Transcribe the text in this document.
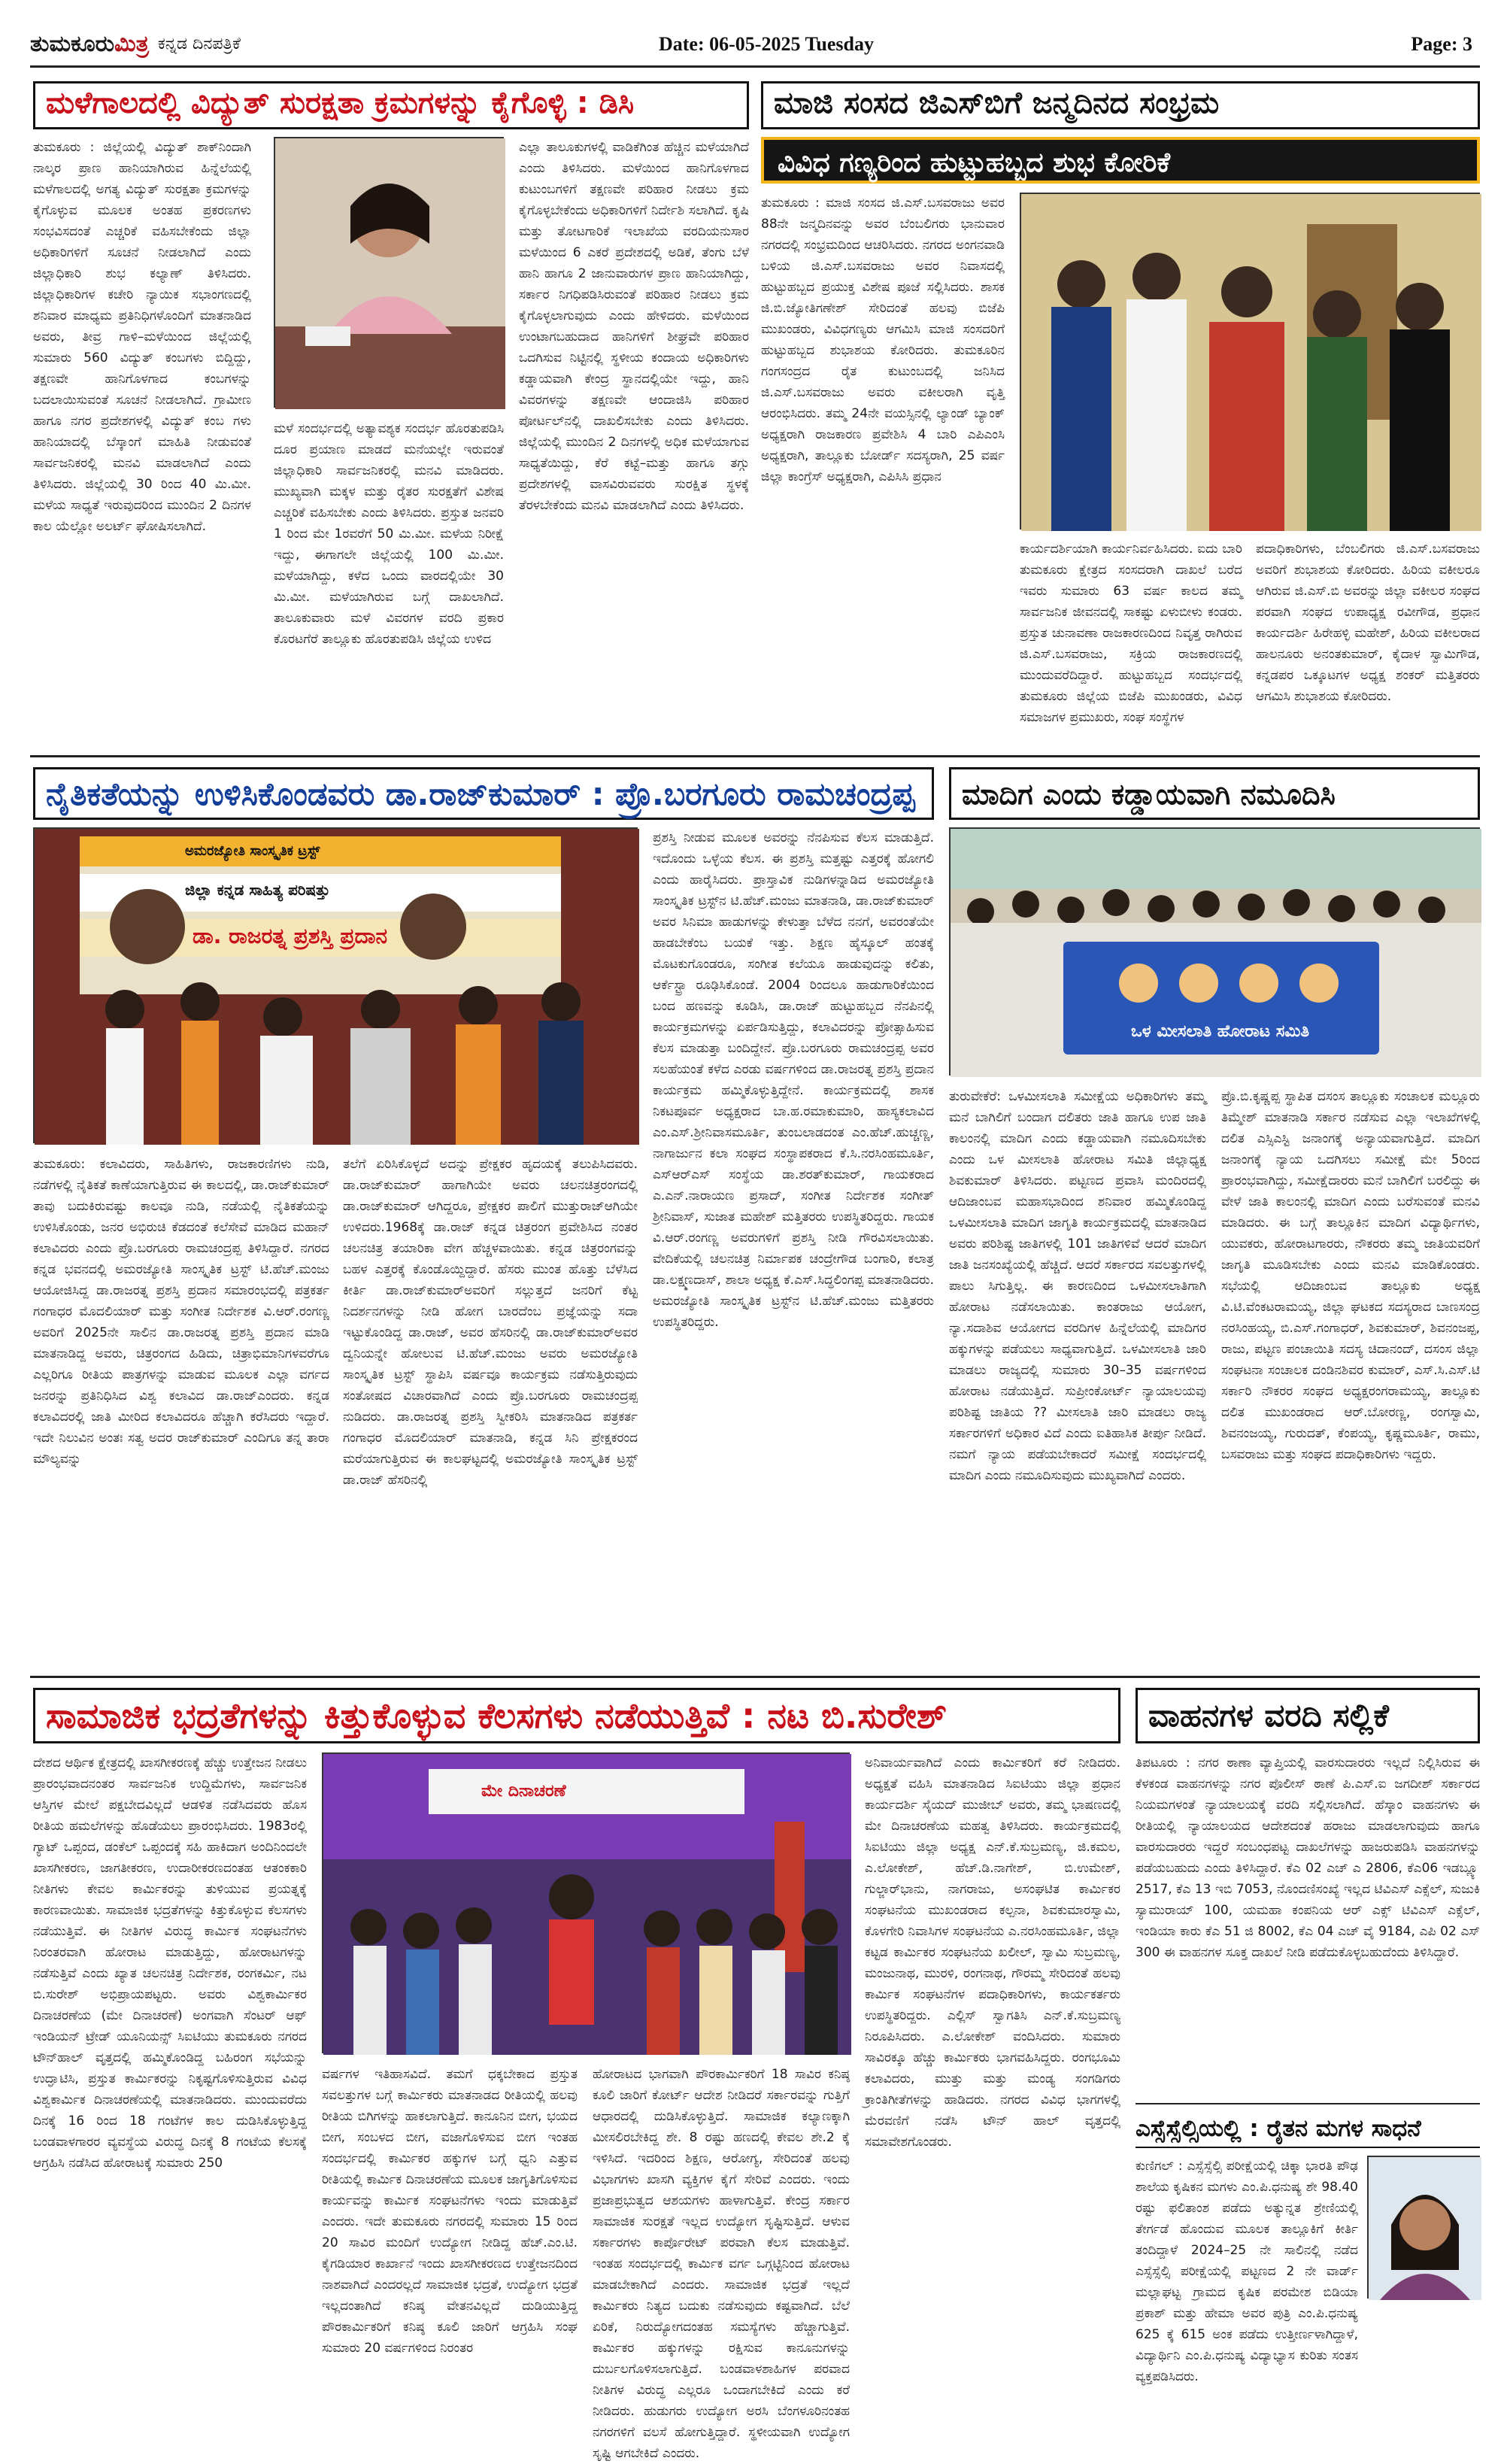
ತುಮಕೂರುಮಿತ್ರ ಕನ್ನಡ ದಿನಪತ್ರಿಕೆ	Date: 06-05-2025 Tuesday	Page: 3
ಮಳೆಗಾಲದಲ್ಲಿ ವಿದ್ಯುತ್ ಸುರಕ್ಷತಾ ಕ್ರಮಗಳನ್ನು ಕೈಗೊಳ್ಳಿ : ಡಿಸಿ
ತುಮಕೂರು : ಜಿಲ್ಲೆಯಲ್ಲಿ ವಿದ್ಯುತ್ ಶಾಕ್‌ನಿಂದಾಗಿ ನಾಲ್ಕರ ಪ್ರಾಣ ಹಾನಿಯಾಗಿರುವ ಹಿನ್ನೆಲೆಯಲ್ಲಿ ಮಳೆಗಾಲದಲ್ಲಿ ಅಗತ್ಯ ವಿದ್ಯುತ್ ಸುರಕ್ಷತಾ ಕ್ರಮಗಳನ್ನು ಕೈಗೊಳ್ಳುವ ಮೂಲಕ ಅಂತಹ ಪ್ರಕರಣಗಳು ಸಂಭವಿಸದಂತೆ ಎಚ್ಚರಿಕೆ ವಹಿಸಬೇಕೆಂದು ಜಿಲ್ಲಾ ಅಧಿಕಾರಿಗಳಿಗೆ ಸೂಚನೆ ನೀಡಲಾಗಿದೆ ಎಂದು ಜಿಲ್ಲಾಧಿಕಾರಿ ಶುಭ ಕಲ್ಯಾಣ್ ತಿಳಿಸಿದರು. ಜಿಲ್ಲಾಧಿಕಾರಿಗಳ ಕಚೇರಿ ನ್ಯಾಯಿಕ ಸಭಾಂಗಣದಲ್ಲಿ ಶನಿವಾರ ಮಾಧ್ಯಮ ಪ್ರತಿನಿಧಿಗಳೊಂದಿಗೆ ಮಾತನಾಡಿದ ಅವರು, ತೀವ್ರ ಗಾಳಿ–ಮಳೆಯಿಂದ ಜಿಲ್ಲೆಯಲ್ಲಿ ಸುಮಾರು 560 ವಿದ್ಯುತ್ ಕಂಬಗಳು ಬಿದ್ದಿದ್ದು, ತಕ್ಷಣವೇ ಹಾನಿಗೊಳಗಾದ ಕಂಬಗಳನ್ನು ಬದಲಾಯಿಸುವಂತೆ ಸೂಚನೆ ನೀಡಲಾಗಿದೆ. ಗ್ರಾಮೀಣ ಹಾಗೂ ನಗರ ಪ್ರದೇಶಗಳಲ್ಲಿ ವಿದ್ಯುತ್ ಕಂಬ ಗಳು ಹಾನಿಯಾದಲ್ಲಿ ಬೆಸ್ಕಾಂಗೆ ಮಾಹಿತಿ ನೀಡುವಂತೆ ಸಾರ್ವಜನಿಕರಲ್ಲಿ ಮನವಿ ಮಾಡಲಾಗಿದೆ ಎಂದು ತಿಳಿಸಿದರು. ಜಿಲ್ಲೆಯಲ್ಲಿ 30 ರಿಂದ 40 ಮಿ.ಮೀ. ಮಳೆಯ ಸಾಧ್ಯತೆ ಇರುವುದರಿಂದ ಮುಂದಿನ 2 ದಿನಗಳ ಕಾಲ ಯೆಲ್ಲೋ ಅಲರ್ಟ್ ಘೋಷಿಸಲಾಗಿದೆ.
ಮಳೆ ಸಂದರ್ಭದಲ್ಲಿ ಅತ್ಯಾವಶ್ಯಕ ಸಂದರ್ಭ ಹೊರತುಪಡಿಸಿ ದೂರ ಪ್ರಯಾಣ ಮಾಡದೆ ಮನೆಯಲ್ಲೇ ಇರುವಂತೆ ಜಿಲ್ಲಾಧಿಕಾರಿ ಸಾರ್ವಜನಿಕರಲ್ಲಿ ಮನವಿ ಮಾಡಿದರು. ಮುಖ್ಯವಾಗಿ ಮಕ್ಕಳ ಮತ್ತು ರೈತರ ಸುರಕ್ಷತೆಗೆ ವಿಶೇಷ ಎಚ್ಚರಿಕೆ ವಹಿಸಬೇಕು ಎಂದು ತಿಳಿಸಿದರು. ಪ್ರಸ್ತುತ ಜನವರಿ 1 ರಿಂದ ಮೇ 1ರವರೆಗೆ 50 ಮಿ.ಮೀ. ಮಳೆಯ ನಿರೀಕ್ಷೆ ಇದ್ದು, ಈಗಾಗಲೇ ಜಿಲ್ಲೆಯಲ್ಲಿ 100 ಮಿ.ಮೀ. ಮಳೆಯಾಗಿದ್ದು, ಕಳೆದ ಒಂದು ವಾರದಲ್ಲಿಯೇ 30 ಮಿ.ಮೀ. ಮಳೆಯಾಗಿರುವ ಬಗ್ಗೆ ದಾಖಲಾಗಿದೆ. ತಾಲೂಕುವಾರು ಮಳೆ ವಿವರಗಳ ವರದಿ ಪ್ರಕಾರ ಕೊರಟಗೆರೆ ತಾಲ್ಲೂಕು ಹೊರತುಪಡಿಸಿ ಜಿಲ್ಲೆಯ ಉಳಿದ
ಎಲ್ಲಾ ತಾಲೂಕುಗಳಲ್ಲಿ ವಾಡಿಕೆಗಿಂತ ಹೆಚ್ಚಿನ ಮಳೆಯಾಗಿದೆ ಎಂದು ತಿಳಿಸಿದರು. ಮಳೆಯಿಂದ ಹಾನಿಗೊಳಗಾದ ಕುಟುಂಬಗಳಿಗೆ ತಕ್ಷಣವೇ ಪರಿಹಾರ ನೀಡಲು ಕ್ರಮ ಕೈಗೊಳ್ಳಬೇಕೆಂದು ಅಧಿಕಾರಿಗಳಿಗೆ ನಿರ್ದೇಶಿ ಸಲಾಗಿದೆ. ಕೃಷಿ ಮತ್ತು ತೋಟಗಾರಿಕೆ ಇಲಾಖೆಯ ವರದಿಯನುಸಾರ ಮಳೆಯಿಂದ 6 ಎಕರೆ ಪ್ರದೇಶದಲ್ಲಿ ಅಡಿಕೆ, ತೆಂಗು ಬೆಳೆ ಹಾನಿ ಹಾಗೂ 2 ಜಾನುವಾರುಗಳ ಪ್ರಾಣ ಹಾನಿಯಾಗಿದ್ದು, ಸರ್ಕಾರ ನಿಗಧಿಪಡಿಸಿರುವಂತೆ ಪರಿಹಾರ ನೀಡಲು ಕ್ರಮ ಕೈಗೊಳ್ಳಲಾಗುವುದು ಎಂದು ಹೇಳಿದರು. ಮಳೆಯಿಂದ ಉಂಟಾಗಬಹುದಾದ ಹಾನಿಗಳಿಗೆ ಶೀಘ್ರವೇ ಪರಿಹಾರ ಒದಗಿಸುವ ನಿಟ್ಟಿನಲ್ಲಿ ಸ್ಥಳೀಯ ಕಂದಾಯ ಅಧಿಕಾರಿಗಳು ಕಡ್ಡಾಯವಾಗಿ ಕೇಂದ್ರ ಸ್ಥಾನದಲ್ಲಿಯೇ ಇದ್ದು, ಹಾನಿ ವಿವರಗಳನ್ನು ತಕ್ಷಣವೇ ಆಂದಾಜಿಸಿ ಪರಿಹಾರ ಪೋರ್ಟಲ್‌ನಲ್ಲಿ ದಾಖಲಿಸಬೇಕು ಎಂದು ತಿಳಿಸಿದರು. ಜಿಲ್ಲೆಯಲ್ಲಿ ಮುಂದಿನ 2 ದಿನಗಳಲ್ಲಿ ಅಧಿಕ ಮಳೆಯಾಗುವ ಸಾಧ್ಯತೆಯಿದ್ದು, ಕೆರೆ ಕಟ್ಟೆ–ಮತ್ತು ಹಾಗೂ ತಗ್ಗು ಪ್ರದೇಶಗಳಲ್ಲಿ ವಾಸವಿರುವವರು ಸುರಕ್ಷಿತ ಸ್ಥಳಕ್ಕೆ ತೆರಳಬೇಕೆಂದು ಮನವಿ ಮಾಡಲಾಗಿದೆ ಎಂದು ತಿಳಿಸಿದರು.
ಮಾಜಿ ಸಂಸದ ಜಿಎಸ್‌ಬಿಗೆ ಜನ್ಮದಿನದ ಸಂಭ್ರಮ
ವಿವಿಧ ಗಣ್ಯರಿಂದ ಹುಟ್ಟುಹಬ್ಬದ ಶುಭ ಕೋರಿಕೆ
ತುಮಕೂರು : ಮಾಜಿ ಸಂಸದ ಜಿ.ಎಸ್.ಬಸವರಾಜು ಅವರ 88ನೇ ಜನ್ಮದಿನವನ್ನು ಅವರ ಬೆಂಬಲಿಗರು ಭಾನುವಾರ ನಗರದಲ್ಲಿ ಸಂಭ್ರಮದಿಂದ ಆಚರಿಸಿದರು. ನಗರದ ಅಂಗನವಾಡಿ ಬಳಿಯ ಜಿ.ಎಸ್.ಬಸವರಾಜು ಅವರ ನಿವಾಸದಲ್ಲಿ ಹುಟ್ಟುಹಬ್ಬದ ಪ್ರಯುಕ್ತ ವಿಶೇಷ ಪೂಜೆ ಸಲ್ಲಿಸಿದರು. ಶಾಸಕ ಜಿ.ಬಿ.ಜ್ಯೋತಿಗಣೇಶ್ ಸೇರಿದಂತೆ ಹಲವು ಬಿಜೆಪಿ ಮುಖಂಡರು, ವಿವಿಧಗಣ್ಯರು ಆಗಮಿಸಿ ಮಾಜಿ ಸಂಸದರಿಗೆ ಹುಟ್ಟುಹಬ್ಬದ ಶುಭಾಶಯ ಕೋರಿದರು. ತುಮಕೂರಿನ ಗಂಗಸಂದ್ರದ ರೈತ ಕುಟುಂಬದಲ್ಲಿ ಜನಿಸಿದ ಜಿ.ಎಸ್.ಬಸವರಾಜು ಅವರು ವಕೀಲರಾಗಿ ವೃತ್ತಿ ಆರಂಭಿಸಿದರು. ತಮ್ಮ 24ನೇ ವಯಸ್ಸಿನಲ್ಲಿ ಲ್ಯಾಂಡ್ ಬ್ಯಾಂಕ್ ಅಧ್ಯಕ್ಷರಾಗಿ ರಾಜಕಾರಣ ಪ್ರವೇಶಿಸಿ 4 ಬಾರಿ ಎಪಿಎಂಸಿ ಅಧ್ಯಕ್ಷರಾಗಿ, ತಾಲ್ಲೂಕು ಬೋರ್ಡ್ ಸದಸ್ಯರಾಗಿ, 25 ವರ್ಷ ಜಿಲ್ಲಾ ಕಾಂಗ್ರೆಸ್ ಅಧ್ಯಕ್ಷರಾಗಿ, ಎಪಿಸಿಸಿ ಪ್ರಧಾನ
ಕಾರ್ಯದರ್ಶಿಯಾಗಿ ಕಾರ್ಯನಿರ್ವಹಿಸಿದರು. ಐದು ಬಾರಿ ತುಮಕೂರು ಕ್ಷೇತ್ರದ ಸಂಸದರಾಗಿ ದಾಖಲೆ ಬರೆದ ಇವರು ಸುಮಾರು 63 ವರ್ಷ ಕಾಲದ ತಮ್ಮ ಸಾರ್ವಜನಿಕ ಜೀವನದಲ್ಲಿ ಸಾಕಷ್ಟು ಏಳುಬೀಳು ಕಂಡರು. ಪ್ರಸ್ತುತ ಚುನಾವಣಾ ರಾಜಕಾರಣದಿಂದ ನಿವೃತ್ತ ರಾಗಿರುವ ಜಿ.ಎಸ್.ಬಸವರಾಜು, ಸಕ್ರಿಯ ರಾಜಕಾರಣದಲ್ಲಿ ಮುಂದುವರೆದಿದ್ದಾರೆ. ಹುಟ್ಟುಹಬ್ಬದ ಸಂದರ್ಭದಲ್ಲಿ ತುಮಕೂರು ಜಿಲ್ಲೆಯ ಬಿಜೆಪಿ ಮುಖಂಡರು, ವಿವಿಧ ಸಮಾಜಗಳ ಪ್ರಮುಖರು, ಸಂಘ ಸಂಸ್ಥೆಗಳ
ಪದಾಧಿಕಾರಿಗಳು, ಬೆಂಬಲಿಗರು ಜಿ.ಎಸ್.ಬಸವರಾಜು ಅವರಿಗೆ ಶುಭಾಶಯ ಕೋರಿದರು. ಹಿರಿಯ ವಕೀಲರೂ ಆಗಿರುವ ಜಿ.ಎಸ್.ಬಿ ಅವರನ್ನು ಜಿಲ್ಲಾ ವಕೀಲರ ಸಂಘದ ಪರವಾಗಿ ಸಂಘದ ಉಪಾಧ್ಯಕ್ಷ ರವೀಗೌಡ, ಪ್ರಧಾನ ಕಾರ್ಯದರ್ಶಿ ಹಿರೇಹಳ್ಳಿ ಮಹೇಶ್, ಹಿರಿಯ ವಕೀಲರಾದ ಹಾಲನೂರು ಅನಂತಕುಮಾರ್, ಕೈದಾಳ ಸ್ವಾಮಿಗೌಡ, ಕನ್ನಡಪರ ಒಕ್ಕೂಟಗಳ ಅಧ್ಯಕ್ಷ ಶಂಕರ್ ಮತ್ತಿತರರು ಆಗಮಿಸಿ ಶುಭಾಶಯ ಕೋರಿದರು.
ನೈತಿಕತೆಯನ್ನು ಉಳಿಸಿಕೊಂಡವರು ಡಾ.ರಾಜ್‌ಕುಮಾರ್ : ಪ್ರೊ.ಬರಗೂರು ರಾಮಚಂದ್ರಪ್ಪ
ಅಮರಜ್ಯೋತಿ ಸಾಂಸ್ಕೃತಿಕ ಟ್ರಸ್ಟ್
ಜಿಲ್ಲಾ ಕನ್ನಡ ಸಾಹಿತ್ಯ ಪರಿಷತ್ತು
ಡಾ. ರಾಜರತ್ನ ಪ್ರಶಸ್ತಿ ಪ್ರದಾನ
ಪ್ರಶಸ್ತಿ ನೀಡುವ ಮೂಲಕ ಅವರನ್ನು ನೆನಪಿಸುವ ಕೆಲಸ ಮಾಡುತ್ತಿದೆ. ಇದೊಂದು ಒಳ್ಳೆಯ ಕೆಲಸ. ಈ ಪ್ರಶಸ್ತಿ ಮತ್ತಷ್ಟು ಎತ್ತರಕ್ಕೆ ಹೋಗಲಿ ಎಂದು ಹಾರೈಸಿದರು. ಪ್ರಾಸ್ತಾವಿಕ ನುಡಿಗಳನ್ನಾಡಿದ ಅಮರಜ್ಯೋತಿ ಸಾಂಸ್ಕೃತಿಕ ಟ್ರಸ್ಟ್‌ನ ಟಿ.ಹೆಚ್.ಮಂಜು ಮಾತನಾಡಿ, ಡಾ.ರಾಜ್‌ಕುಮಾರ್ ಅವರ ಸಿನಿಮಾ ಹಾಡುಗಳನ್ನು ಕೇಳುತ್ತಾ ಬೆಳೆದ ನನಗೆ, ಅವರಂತೆಯೇ ಹಾಡಬೇಕೆಂಬ ಬಯಕೆ ಇತ್ತು. ಶಿಕ್ಷಣ ಹೈಸ್ಕೂಲ್ ಹಂತಕ್ಕೆ ಮೊಟಕುಗೊಂಡರೂ, ಸಂಗೀತ ಕಲೆಯೂ ಹಾಡುವುದನ್ನು ಕಲಿತು, ಆರ್ಕೆಸ್ಟ್ರಾ ರೂಢಿಸಿಕೊಂಡೆ. 2004 ರಿಂದಲೂ ಹಾಡುಗಾರಿಕೆಯಿಂದ ಬಂದ ಹಣವನ್ನು ಕೂಡಿಸಿ, ಡಾ.ರಾಜ್ ಹುಟ್ಟುಹಬ್ಬದ ನೆನಪಿನಲ್ಲಿ ಕಾರ್ಯಕ್ರಮಗಳನ್ನು ಏರ್ಪಡಿಸುತ್ತಿದ್ದು, ಕಲಾವಿದರನ್ನು ಪ್ರೋತ್ಸಾಹಿಸುವ ಕೆಲಸ ಮಾಡುತ್ತಾ ಬಂದಿದ್ದೇನೆ. ಪ್ರೊ.ಬರಗೂರು ರಾಮಚಂದ್ರಪ್ಪ ಅವರ ಸಲಹೆಯಂತೆ ಕಳೆದ ಎರಡು ವರ್ಷಗಳಿಂದ ಡಾ.ರಾಜರತ್ನ ಪ್ರಶಸ್ತಿ ಪ್ರದಾನ ಕಾರ್ಯಕ್ರಮ ಹಮ್ಮಿಕೊಳ್ಳುತ್ತಿದ್ದೇನೆ. ಕಾರ್ಯಕ್ರಮದಲ್ಲಿ ಶಾಸಕ ನಿಕಟಪೂರ್ವ ಅಧ್ಯಕ್ಷರಾದ ಬಾ.ಹ.ರಮಾಕುಮಾರಿ, ಹಾಸ್ಯಕಲಾವಿದ ಎಂ.ಎಸ್.ಶ್ರೀನಿವಾಸಮೂರ್ತಿ, ತುಂಬಲಾಡದಂತ ಎಂ.ಹೆಚ್.ಹುಚ್ಚಣ್ಣ, ನಾಗಾರ್ಜುನ ಕಲಾ ಸಂಘದ ಸಂಸ್ಥಾಪಕರಾದ ಕೆ.ಸಿ.ನರಸಿಂಹಮೂರ್ತಿ, ಎಸ್‌ಆರ್‌ಎಸ್ ಸಂಸ್ಥೆಯ ಡಾ.ಶರತ್‌ಕುಮಾರ್, ಗಾಯಕರಾದ ಎ.ಎನ್.ನಾರಾಯಣ ಪ್ರಸಾದ್, ಸಂಗೀತ ನಿರ್ದೇಶಕ ಸಂಗೀತ್ ಶ್ರೀನಿವಾಸ್, ಸುಜಾತ ಮಹೇಶ್ ಮತ್ತಿತರರು ಉಪಸ್ಥಿತರಿದ್ದರು. ಗಾಯಕ ವಿ.ಆರ್.ರಂಗಣ್ಣ ಅವರುಗಳಿಗೆ ಪ್ರಶಸ್ತಿ ನೀಡಿ ಗೌರವಿಸಲಾಯಿತು. ವೇದಿಕೆಯಲ್ಲಿ ಚಲನಚಿತ್ರ ನಿರ್ಮಾಪಕ ಚಂದ್ರೇಗೌಡ ಬಂಗಾರಿ, ಕಲಾತ್ರ ಡಾ.ಲಕ್ಷ್ಮಣದಾಸ್, ಶಾಲಾ ಅಧ್ಯಕ್ಷ ಕೆ.ಎಸ್.ಸಿದ್ಧಲಿಂಗಪ್ಪ ಮಾತನಾಡಿದರು. ಅಮರಜ್ಯೋತಿ ಸಾಂಸ್ಕೃತಿಕ ಟ್ರಸ್ಟ್‌ನ ಟಿ.ಹೆಚ್.ಮಂಜು ಮತ್ತಿತರರು ಉಪಸ್ಥಿತರಿದ್ದರು.
ತುಮಕೂರು: ಕಲಾವಿದರು, ಸಾಹಿತಿಗಳು, ರಾಜಕಾರಣಿಗಳು ನುಡಿ, ನಡೆಗಳಲ್ಲಿ ನೈತಿಕತೆ ಕಾಣೆಯಾಗುತ್ತಿರುವ ಈ ಕಾಲದಲ್ಲಿ, ಡಾ.ರಾಜ್‌ಕುಮಾರ್ ತಾವು ಬದುಕಿರುವಷ್ಟು ಕಾಲವೂ ನುಡಿ, ನಡೆಯಲ್ಲಿ ನೈತಿಕತೆಯನ್ನು ಉಳಿಸಿಕೊಂಡು, ಜನರ ಅಭಿರುಚಿ ಕೆಡದಂತೆ ಕಲೆಸೇವೆ ಮಾಡಿದ ಮಹಾನ್ ಕಲಾವಿದರು ಎಂದು ಪ್ರೊ.ಬರಗೂರು ರಾಮಚಂದ್ರಪ್ಪ ತಿಳಿಸಿದ್ದಾರೆ. ನಗರದ ಕನ್ನಡ ಭವನದಲ್ಲಿ ಅಮರಜ್ಯೋತಿ ಸಾಂಸ್ಕೃತಿಕ ಟ್ರಸ್ಟ್ ಟಿ.ಹೆಚ್.ಮಂಜು ಆಯೋಜಿಸಿದ್ದ ಡಾ.ರಾಜರತ್ನ ಪ್ರಶಸ್ತಿ ಪ್ರದಾನ ಸಮಾರಂಭದಲ್ಲಿ ಪತ್ರಕರ್ತ ಗಂಗಾಧರ ಮೊದಲಿಯಾರ್ ಮತ್ತು ಸಂಗೀತ ನಿರ್ದೇಶಕ ವಿ.ಆರ್.ರಂಗಣ್ಣ ಅವರಿಗೆ 2025ನೇ ಸಾಲಿನ ಡಾ.ರಾಜರತ್ನ ಪ್ರಶಸ್ತಿ ಪ್ರದಾನ ಮಾಡಿ ಮಾತನಾಡಿದ್ದ ಅವರು, ಚಿತ್ರರಂಗದ ಹಿಡಿದು, ಚಿತ್ರಾಭಿಮಾನಿಗಳವರೆಗೂ ಎಲ್ಲರಿಗೂ ರೀತಿಯ ಪಾತ್ರಗಳನ್ನು ಮಾಡುವ ಮೂಲಕ ಎಲ್ಲಾ ವರ್ಗದ ಜನರನ್ನು ಪ್ರತಿನಿಧಿಸಿದ ವಿಶ್ವ ಕಲಾವಿದ ಡಾ.ರಾಜ್‌ಎಂದರು. ಕನ್ನಡ ಕಲಾವಿದರಲ್ಲಿ ಜಾತಿ ಮೀರಿದ ಕಲಾವಿದರೂ ಹೆಚ್ಚಾಗಿ ಕರೆಸಿದರು ಇದ್ದಾರೆ. ಇದೇ ನಿಲುವಿನ ಅಂತಃ ಸತ್ವ ಅದರ ರಾಜ್‌ಕುಮಾರ್ ಎಂದಿಗೂ ತನ್ನ ತಾರಾ ಮೌಲ್ಯವನ್ನು
ತಲೆಗೆ ಏರಿಸಿಕೊಳ್ಳದೆ ಅದನ್ನು ಪ್ರೇಕ್ಷಕರ ಹೃದಯಕ್ಕೆ ತಲುಪಿಸಿದವರು. ಡಾ.ರಾಜ್‌ಕುಮಾರ್ ಹಾಗಾಗಿಯೇ ಅವರು ಚಲನಚಿತ್ರರಂಗದಲ್ಲಿ ಡಾ.ರಾಜ್‌ಕುಮಾರ್ ಆಗಿದ್ದರೂ, ಪ್ರೇಕ್ಷಕರ ಪಾಲಿಗೆ ಮುತ್ತುರಾಜ್‌ಆಗಿಯೇ ಉಳಿದರು.1968ಕ್ಕೆ ಡಾ.ರಾಜ್ ಕನ್ನಡ ಚಿತ್ರರಂಗ ಪ್ರವೇಶಿಸಿದ ನಂತರ ಚಲನಚಿತ್ರ ತಯಾರಿಕಾ ವೇಗ ಹೆಚ್ಚಳವಾಯಿತು. ಕನ್ನಡ ಚಿತ್ರರಂಗವನ್ನು ಬಹಳ ಎತ್ತರಕ್ಕೆ ಕೊಂಡೊಯ್ದಿದ್ದಾರೆ. ಹೆಸರು ಮುಂತ ಹೊತ್ತು ಬೆಳೆಸಿದ ಕೀರ್ತಿ ಡಾ.ರಾಜ್‌ಕುಮಾರ್‌ಅವರಿಗೆ ಸಲ್ಲುತ್ತದೆ ಜನರಿಗೆ ಕೆಟ್ಟ ನಿದರ್ಶನಗಳನ್ನು ನೀಡಿ ಹೋಗ ಬಾರದೆಂಬ ಪ್ರಜ್ಞೆಯನ್ನು ಸದಾ ಇಟ್ಟುಕೊಂಡಿದ್ದ ಡಾ.ರಾಜ್, ಅವರ ಹೆಸರಿನಲ್ಲಿ ಡಾ.ರಾಜ್‌ಕುಮಾರ್‌ಅವರ ದ್ವನಿಯನ್ನೇ ಹೋಲುವ ಟಿ.ಹೆಚ್.ಮಂಜು ಅವರು ಅಮರಜ್ಯೋತಿ ಸಾಂಸ್ಕೃತಿಕ ಟ್ರಸ್ಟ್ ಸ್ಥಾಪಿಸಿ ವರ್ಷವೂ ಕಾರ್ಯಕ್ರಮ ನಡೆಸುತ್ತಿರುವುದು ಸಂತೋಷದ ವಿಚಾರವಾಗಿದೆ ಎಂದು ಪ್ರೊ.ಬರಗೂರು ರಾಮಚಂದ್ರಪ್ಪ ನುಡಿದರು. ಡಾ.ರಾಜರತ್ನ ಪ್ರಶಸ್ತಿ ಸ್ವೀಕರಿಸಿ ಮಾತನಾಡಿದ ಪತ್ರಕರ್ತ ಗಂಗಾಧರ ಮೊದಲಿಯಾರ್ ಮಾತನಾಡಿ, ಕನ್ನಡ ಸಿನಿ ಪ್ರೇಕ್ಷಕರಂದ ಮರೆಯಾಗುತ್ತಿರುವ ಈ ಕಾಲಘಟ್ಟದಲ್ಲಿ ಅಮರಜ್ಯೋತಿ ಸಾಂಸ್ಕೃತಿಕ ಟ್ರಸ್ಟ್ ಡಾ.ರಾಜ್ ಹೆಸರಿನಲ್ಲಿ
ಮಾದಿಗ ಎಂದು ಕಡ್ಡಾಯವಾಗಿ ನಮೂದಿಸಿ
ಒಳ ಮೀಸಲಾತಿ ಹೋರಾಟ ಸಮಿತಿ
ತುರುವೇಕೆರೆ: ಒಳಮೀಸಲಾತಿ ಸಮೀಕ್ಷೆಯ ಅಧಿಕಾರಿಗಳು ತಮ್ಮ ಮನೆ ಬಾಗಿಲಿಗೆ ಬಂದಾಗ ದಲಿತರು ಜಾತಿ ಹಾಗೂ ಉಪ ಜಾತಿ ಕಾಲಂನಲ್ಲಿ ಮಾದಿಗ ಎಂದು ಕಡ್ಡಾಯವಾಗಿ ನಮೂದಿಸಬೇಕು ಎಂದು ಒಳ ಮೀಸಲಾತಿ ಹೋರಾಟ ಸಮಿತಿ ಜಿಲ್ಲಾಧ್ಯಕ್ಷ ಶಿವಕುಮಾರ್ ತಿಳಿಸಿದರು. ಪಟ್ಟಣದ ಪ್ರವಾಸಿ ಮಂದಿರದಲ್ಲಿ ಆದಿಜಾಂಬವ ಮಹಾಸಭಾದಿಂದ ಶನಿವಾರ ಹಮ್ಮಿಕೊಂಡಿದ್ದ ಒಳಮೀಸಲಾತಿ ಮಾದಿಗ ಜಾಗೃತಿ ಕಾರ್ಯಕ್ರಮದಲ್ಲಿ ಮಾತನಾಡಿದ ಅವರು ಪರಿಶಿಷ್ಟ ಜಾತಿಗಳಲ್ಲಿ 101 ಜಾತಿಗಳಿವೆ ಆದರೆ ಮಾದಿಗ ಜಾತಿ ಜನಸಂಖ್ಯೆಯಲ್ಲಿ ಹೆಚ್ಚಿದೆ. ಆದರೆ ಸರ್ಕಾರದ ಸವಲತ್ತುಗಳಲ್ಲಿ ಪಾಲು ಸಿಗುತ್ತಿಲ್ಲ. ಈ ಕಾರಣದಿಂದ ಒಳಮೀಸಲಾತಿಗಾಗಿ ಹೋರಾಟ ನಡೆಸಲಾಯಿತು. ಕಾಂತರಾಜು ಆಯೋಗ, ನ್ಯಾ.ಸದಾಶಿವ ಆಯೋಗದ ವರದಿಗಳ ಹಿನ್ನೆಲೆಯಲ್ಲಿ ಮಾದಿಗರ ಹಕ್ಕುಗಳನ್ನು ಪಡೆಯಲು ಸಾಧ್ಯವಾಗುತ್ತಿದೆ. ಒಳಮೀಸಲಾತಿ ಜಾರಿ ಮಾಡಲು ರಾಜ್ಯದಲ್ಲಿ ಸುಮಾರು 30–35 ವರ್ಷಗಳಿಂದ ಹೋರಾಟ ನಡೆಯುತ್ತಿದೆ. ಸುಪ್ರೀಂಕೋರ್ಟ್ ನ್ಯಾಯಾಲಯವು ಪರಿಶಿಷ್ಟ ಜಾತಿಯ ?? ಮೀಸಲಾತಿ ಜಾರಿ ಮಾಡಲು ರಾಜ್ಯ ಸರ್ಕಾರಗಳಿಗೆ ಅಧಿಕಾರ ವಿದೆ ಎಂದು ಐತಿಹಾಸಿಕ ತೀರ್ಪು ನೀಡಿದೆ. ನಮಗೆ ನ್ಯಾಯ ಪಡೆಯಬೇಕಾದರೆ ಸಮೀಕ್ಷೆ ಸಂದರ್ಭದಲ್ಲಿ ಮಾದಿಗ ಎಂದು ನಮೂದಿಸುವುದು ಮುಖ್ಯವಾಗಿದೆ ಎಂದರು.
ಪ್ರೊ.ಬಿ.ಕೃಷ್ಣಪ್ಪ ಸ್ಥಾಪಿತ ದಸಂಸ ತಾಲ್ಲೂಕು ಸಂಚಾಲಕ ಮಲ್ಲೂರು ತಿಮ್ಮೇಶ್ ಮಾತನಾಡಿ ಸರ್ಕಾರ ನಡೆಸುವ ಎಲ್ಲಾ ಇಲಾಖೆಗಳಲ್ಲಿ ದಲಿತ ಎಸ್ಸಿಎಸ್ಟಿ ಜನಾಂಗಕ್ಕೆ ಅನ್ಯಾಯವಾಗುತ್ತಿದೆ. ಮಾದಿಗ ಜನಾಂಗಕ್ಕೆ ನ್ಯಾಯ ಒದಗಿಸಲು ಸಮೀಕ್ಷೆ ಮೇ 5ರಿಂದ ಪ್ರಾರಂಭವಾಗಿದ್ದು, ಸಮೀಕ್ಷೆದಾರರು ಮನೆ ಬಾಗಿಲಿಗೆ ಬರಲಿದ್ದು ಈ ವೇಳೆ ಜಾತಿ ಕಾಲಂನಲ್ಲಿ ಮಾದಿಗ ಎಂದು ಬರೆಸುವಂತೆ ಮನವಿ ಮಾಡಿದರು. ಈ ಬಗ್ಗೆ ತಾಲ್ಲೂಕಿನ ಮಾದಿಗ ವಿದ್ಯಾರ್ಥಿಗಳು, ಯುವಕರು, ಹೋರಾಟಗಾರರು, ನೌಕರರು ತಮ್ಮ ಜಾತಿಯವರಿಗೆ ಜಾಗೃತಿ ಮೂಡಿಸಬೇಕು ಎಂದು ಮನವಿ ಮಾಡಿಕೊಂಡರು. ಸಭೆಯಲ್ಲಿ ಆದಿಜಾಂಬವ ತಾಲ್ಲೂಕು ಅಧ್ಯಕ್ಷ ವಿ.ಟಿ.ವೆಂಕಟರಾಮಯ್ಯ, ಜಿಲ್ಲಾ ಘಟಕದ ಸದಸ್ಯರಾದ ಬಾಣಸಂದ್ರ ನರಸಿಂಹಯ್ಯ, ಬಿ.ಎಸ್.ಗಂಗಾಧರ್, ಶಿವಕುಮಾರ್, ಶಿವನಂಜಪ್ಪ, ರಾಜು, ಪಟ್ಟಣ ಪಂಚಾಯಿತಿ ಸದಸ್ಯ ಚಿದಾನಂದ್, ದಸಂಸ ಜಿಲ್ಲಾ ಸಂಘಟನಾ ಸಂಚಾಲಕ ದಂಡಿನಶಿವರ ಕುಮಾರ್, ಎಸ್.ಸಿ.ಎಸ್.ಟಿ ಸರ್ಕಾರಿ ನೌಕರರ ಸಂಘದ ಅಧ್ಯಕ್ಷರಂಗರಾಮಯ್ಯ, ತಾಲ್ಲೂಕು ದಲಿತ ಮುಖಂಡರಾದ ಆರ್.ಬೋರಣ್ಣ, ರಂಗಸ್ವಾಮಿ, ಶಿವನಂಜಯ್ಯ, ಗುರುದತ್, ಕೆಂಪಯ್ಯ, ಕೃಷ್ಣಮೂರ್ತಿ, ರಾಮು, ಬಸವರಾಜು ಮತ್ತು ಸಂಘದ ಪದಾಧಿಕಾರಿಗಳು ಇದ್ದರು.
ಸಾಮಾಜಿಕ ಭದ್ರತೆಗಳನ್ನು ಕಿತ್ತುಕೊಳ್ಳುವ ಕೆಲಸಗಳು ನಡೆಯುತ್ತಿವೆ : ನಟ ಬಿ.ಸುರೇಶ್
ದೇಶದ ಆರ್ಥಿಕ ಕ್ಷೇತ್ರದಲ್ಲಿ ಖಾಸಗೀಕರಣಕ್ಕೆ ಹೆಚ್ಚು ಉತ್ತೇಜನ ನೀಡಲು ಪ್ರಾರಂಭವಾದನಂತರ ಸಾರ್ವಜನಿಕ ಉದ್ದಿಮೆಗಳು, ಸಾರ್ವಜನಿಕ ಆಸ್ತಿಗಳ ಮೇಲೆ ಪಕ್ಷಬೇದವಿಲ್ಲದೆ ಆಡಳಿತ ನಡೆಸಿದವರು ಹೊಸ ರೀತಿಯ ಹಮಲೆಗಳನ್ನು ಹೊಡೆಯಲು ಪ್ರಾರಂಭಿಸಿದರು. 1983ರಲ್ಲಿ ಗ್ಯಾಟ್ ಒಪ್ಪಂದ, ಡಂಕೆಲ್ ಒಪ್ಪಂದಕ್ಕೆ ಸಹಿ ಹಾಕಿದಾಗ ಅಂದಿನಿಂದಲೇ ಖಾಸಗೀಕರಣ, ಜಾಗತೀಕರಣ, ಉದಾರೀಕರಣದಂತಹ ಆತಂಕಕಾರಿ ನೀತಿಗಳು ಕೇವಲ ಕಾರ್ಮಿಕರನ್ನು ತುಳಿಯುವ ಪ್ರಯತ್ನಕ್ಕೆ ಕಾರಣವಾಯಿತು. ಸಾಮಾಜಿಕ ಭದ್ರತೆಗಳನ್ನು ಕಿತ್ತುಕೊಳ್ಳುವ ಕೆಲಸಗಳು ನಡೆಯುತ್ತಿವೆ. ಈ ನೀತಿಗಳ ವಿರುದ್ಧ ಕಾರ್ಮಿಕ ಸಂಘಟನೆಗಳು ನಿರಂತರವಾಗಿ ಹೋರಾಟ ಮಾಡುತ್ತಿದ್ದು, ಹೋರಾಟಗಳನ್ನು ನಡೆಸುತ್ತಿವೆ ಎಂದು ಖ್ಯಾತ ಚಲನಚಿತ್ರ ನಿರ್ದೇಶಕ, ರಂಗಕರ್ಮಿ, ನಟ ಬಿ.ಸುರೇಶ್ ಅಭಿಪ್ರಾಯಪಟ್ಟರು. ಅವರು ವಿಶ್ವಕಾರ್ಮಿಕರ ದಿನಾಚರಣೆಯ (ಮೇ ದಿನಾಚರಣೆ) ಅಂಗವಾಗಿ ಸೆಂಟರ್ ಆಫ್ ಇಂಡಿಯನ್ ಟ್ರೇಡ್ ಯೂನಿಯನ್ಸ್ ಸಿಐಟಿಯು ತುಮಕೂರು ನಗರದ ಟೌನ್‌ಹಾಲ್ ವೃತ್ತದಲ್ಲಿ ಹಮ್ಮಿಕೊಂಡಿದ್ದ ಬಹಿರಂಗ ಸಭೆಯನ್ನು ಉದ್ಘಾಟಿಸಿ, ಪ್ರಸ್ತುತ ಕಾರ್ಮಿಕರನ್ನು ನಿಕೃಷ್ಟಗೊಳಿಸುತ್ತಿರುವ ವಿವಿಧ ವಿಶ್ವಕಾರ್ಮಿಕ ದಿನಾಚರಣೆಯಲ್ಲಿ ಮಾತನಾಡಿದರು. ಮುಂದುವರೆದು ದಿನಕ್ಕೆ 16 ರಿಂದ 18 ಗಂಟೆಗಳ ಕಾಲ ದುಡಿಸಿಕೊಳ್ಳುತ್ತಿದ್ದ ಬಂಡವಾಳಗಾರರ ವ್ಯವಸ್ಥೆಯ ವಿರುದ್ಧ ದಿನಕ್ಕೆ 8 ಗಂಟೆಯ ಕೆಲಸಕ್ಕೆ ಆಗ್ರಹಿಸಿ ನಡೆಸಿದ ಹೋರಾಟಕ್ಕೆ ಸುಮಾರು 250
ಮೇ ದಿನಾಚರಣೆ
ವರ್ಷಗಳ ಇತಿಹಾಸವಿದೆ. ತಮಗೆ ಧಕ್ಕಬೇಕಾದ ಪ್ರಸ್ತುತ ಸವಲತ್ತುಗಳ ಬಗ್ಗೆ ಕಾರ್ಮಿಕರು ಮಾತನಾಡದ ರೀತಿಯಲ್ಲಿ ಹಲವು ರೀತಿಯ ಬಿಗಿಗಳನ್ನು ಹಾಕಲಾಗುತ್ತಿದೆ. ಕಾನೂನಿನ ಬೀಗ, ಭಯದ ಬೀಗ, ಸಂಬಳದ ಬೀಗ, ವಜಾಗೊಳಿಸುವ ಬೀಗ ಇಂತಹ ಸಂದರ್ಭದಲ್ಲಿ ಕಾರ್ಮಿಕರ ಹಕ್ಕುಗಳ ಬಗ್ಗೆ ಧ್ವನಿ ಎತ್ತುವ ರೀತಿಯಲ್ಲಿ ಕಾರ್ಮಿಕ ದಿನಾಚರಣೆಯ ಮೂಲಕ ಜಾಗೃತಿಗೊಳಿಸುವ ಕಾರ್ಯವನ್ನು ಕಾರ್ಮಿಕ ಸಂಘಟನೆಗಳು ಇಂದು ಮಾಡುತ್ತಿವೆ ಎಂದರು. ಇದೇ ತುಮಕೂರು ನಗರದಲ್ಲಿ ಸುಮಾರು 15 ರಿಂದ 20 ಸಾವಿರ ಮಂದಿಗೆ ಉದ್ಯೋಗ ನೀಡಿದ್ದ ಹೆಚ್.ಎಂ.ಟಿ. ಕೈಗಡಿಯಾರ ಕಾರ್ಖಾನೆ ಇಂದು ಖಾಸಗೀಕರಣದ ಉತ್ತೇಜನದಿಂದ ನಾಶವಾಗಿದೆ ಎಂದರಲ್ಲದೆ ಸಾಮಾಜಿಕ ಭದ್ರತೆ, ಉದ್ಯೋಗ ಭದ್ರತೆ ಇಲ್ಲದಂತಾಗಿದೆ ಕನಿಷ್ಠ ವೇತನವಿಲ್ಲದೆ ದುಡಿಯುತ್ತಿದ್ದ ಪೌರಕಾರ್ಮಿಕರಿಗೆ ಕನಿಷ್ಠ ಕೂಲಿ ಜಾರಿಗೆ ಆಗ್ರಹಿಸಿ ಸಂಘ ಸುಮಾರು 20 ವರ್ಷಗಳಿಂದ ನಿರಂತರ
ಹೋರಾಟದ ಭಾಗವಾಗಿ ಪೌರಕಾರ್ಮಿಕರಿಗೆ 18 ಸಾವಿರ ಕನಿಷ್ಠ ಕೂಲಿ ಜಾರಿಗೆ ಕೋರ್ಟ್ ಆದೇಶ ನೀಡಿದರೆ ಸರ್ಕಾರವನ್ನು ಗುತ್ತಿಗೆ ಆಧಾರದಲ್ಲಿ ದುಡಿಸಿಕೊಳ್ಳುತ್ತಿದೆ. ಸಾಮಾಜಿಕ ಕಲ್ಯಾಣಕ್ಕಾಗಿ ಮೀಸಲಿರಬೇಕಿದ್ದ ಶೇ. 8 ರಷ್ಟು ಹಣದಲ್ಲಿ ಕೇವಲ ಶೇ.2 ಕ್ಕೆ ಇಳಿಸಿದೆ. ಇದರಿಂದ ಶಿಕ್ಷಣ, ಆರೋಗ್ಯ, ಸೇರಿದಂತೆ ಹಲವು ವಿಭಾಗಗಳು ಖಾಸಗಿ ವ್ಯಕ್ತಿಗಳ ಕೈಗೆ ಸೇರಿವೆ ಎಂದರು. ಇಂದು ಪ್ರಜಾಪ್ರಭುತ್ವದ ಆಶಯಗಳು ಹಾಳಾಗುತ್ತಿವೆ. ಕೇಂದ್ರ ಸರ್ಕಾರ ಸಾಮಾಜಿಕ ಸುರಕ್ಷತೆ ಇಲ್ಲದ ಉದ್ಯೋಗ ಸೃಷ್ಟಿಸುತ್ತಿದೆ. ಆಳುವ ಸರ್ಕಾರಗಳು ಕಾರ್ಪೊರೇಟ್ ಪರವಾಗಿ ಕೆಲಸ ಮಾಡುತ್ತಿವೆ. ಇಂತಹ ಸಂದರ್ಭದಲ್ಲಿ ಕಾರ್ಮಿಕ ವರ್ಗ ಒಗ್ಗಟ್ಟಿನಿಂದ ಹೋರಾಟ ಮಾಡಬೇಕಾಗಿದೆ ಎಂದರು. ಸಾಮಾಜಿಕ ಭದ್ರತೆ ಇಲ್ಲದೆ ಕಾರ್ಮಿಕರು ನಿತ್ಯದ ಬದುಕು ನಡೆಸುವುದು ಕಷ್ಟವಾಗಿದೆ. ಬೆಲೆ ಏರಿಕೆ, ನಿರುದ್ಯೋಗದಂತಹ ಸಮಸ್ಯೆಗಳು ಹೆಚ್ಚಾಗುತ್ತಿವೆ. ಕಾರ್ಮಿಕರ ಹಕ್ಕುಗಳನ್ನು ರಕ್ಷಿಸುವ ಕಾನೂನುಗಳನ್ನು ದುರ್ಬಲಗೊಳಿಸಲಾಗುತ್ತಿದೆ. ಬಂಡವಾಳಶಾಹಿಗಳ ಪರವಾದ ನೀತಿಗಳ ವಿರುದ್ಧ ಎಲ್ಲರೂ ಒಂದಾಗಬೇಕಿದೆ ಎಂದು ಕರೆ ನೀಡಿದರು. ಹುಡುಗರು ಉದ್ಯೋಗ ಅರಸಿ ಬೆಂಗಳೂರಿನಂತಹ ನಗರಗಳಿಗೆ ವಲಸೆ ಹೋಗುತ್ತಿದ್ದಾರೆ. ಸ್ಥಳೀಯವಾಗಿ ಉದ್ಯೋಗ ಸೃಷ್ಟಿ ಆಗಬೇಕಿದೆ ಎಂದರು.
ಅನಿವಾರ್ಯವಾಗಿದೆ ಎಂದು ಕಾರ್ಮಿಕರಿಗೆ ಕರೆ ನೀಡಿದರು. ಅಧ್ಯಕ್ಷತೆ ವಹಿಸಿ ಮಾತನಾಡಿದ ಸಿಐಟಿಯು ಜಿಲ್ಲಾ ಪ್ರಧಾನ ಕಾರ್ಯದರ್ಶಿ ಸೈಯದ್ ಮುಜೀಬ್ ಅವರು, ತಮ್ಮ ಭಾಷಣದಲ್ಲಿ ಮೇ ದಿನಾಚರಣೆಯ ಮಹತ್ವ ತಿಳಿಸಿದರು. ಕಾರ್ಯಕ್ರಮದಲ್ಲಿ ಸಿಐಟಿಯು ಜಿಲ್ಲಾ ಅಧ್ಯಕ್ಷ ಎನ್.ಕೆ.ಸುಬ್ರಮಣ್ಯ, ಜಿ.ಕಮಲ, ಎ.ಲೋಕೇಶ್, ಹೆಚ್.ಡಿ.ನಾಗೇಶ್, ಬಿ.ಉಮೇಶ್, ಗುಲ್ಜಾರ್‌ಭಾನು, ನಾಗರಾಜು, ಅಸಂಘಟಿತ ಕಾರ್ಮಿಕರ ಸಂಘಟನೆಯ ಮುಖಂಡರಾದ ಕಲ್ಪನಾ, ಶಿವಕುಮಾರಸ್ವಾಮಿ, ಕೊಳಗೇರಿ ನಿವಾಸಿಗಳ ಸಂಘಟನೆಯ ಎ.ನರಸಿಂಹಮೂರ್ತಿ, ಜಿಲ್ಲಾ ಕಟ್ಟಡ ಕಾರ್ಮಿಕರ ಸಂಘಟನೆಯ ಖಲೀಲ್, ಸ್ವಾಮಿ ಸುಬ್ರಮಣ್ಯ, ಮಂಜುನಾಥ, ಮುರಳಿ, ರಂಗನಾಥ, ಗೌರಮ್ಮ ಸೇರಿದಂತೆ ಹಲವು ಕಾರ್ಮಿಕ ಸಂಘಟನೆಗಳ ಪದಾಧಿಕಾರಿಗಳು, ಕಾರ್ಯಕರ್ತರು ಉಪಸ್ಥಿತರಿದ್ದರು. ಎಲ್ಲಿಸ್ ಸ್ವಾಗತಿಸಿ ಎನ್.ಕೆ.ಸುಬ್ರಮಣ್ಯ ನಿರೂಪಿಸಿದರು. ಎ.ಲೋಕೇಶ್ ವಂದಿಸಿದರು. ಸುಮಾರು ಸಾವಿರಕ್ಕೂ ಹೆಚ್ಚು ಕಾರ್ಮಿಕರು ಭಾಗವಹಿಸಿದ್ದರು. ರಂಗಭೂಮಿ ಕಲಾವಿದರು, ಮುತ್ತು ಮತ್ತು ಮಂಡ್ಯ ಸಂಗಡಿಗರು ಕ್ರಾಂತಿಗೀತೆಗಳನ್ನು ಹಾಡಿದರು. ನಗರದ ವಿವಿಧ ಭಾಗಗಳಲ್ಲಿ ಮೆರವಣಿಗೆ ನಡೆಸಿ ಟೌನ್ ಹಾಲ್ ವೃತ್ತದಲ್ಲಿ ಸಮಾವೇಶಗೊಂಡರು.
ವಾಹನಗಳ ವರದಿ ಸಲ್ಲಿಕೆ
ತಿಪಟೂರು : ನಗರ ಠಾಣಾ ವ್ಯಾಪ್ತಿಯಲ್ಲಿ ವಾರಸುದಾರರು ಇಲ್ಲದೆ ನಿಲ್ಲಿಸಿರುವ ಈ ಕೆಳಕಂಡ ವಾಹನಗಳನ್ನು ನಗರ ಪೊಲೀಸ್ ಠಾಣೆ ಪಿ.ಎಸ್.ಐ ಜಗದೀಶ್ ಸರ್ಕಾರದ ನಿಯಮಗಳಂತೆ ನ್ಯಾಯಾಲಯಕ್ಕೆ ವರದಿ ಸಲ್ಲಿಸಲಾಗಿದೆ. ಹೆಸ್ಕಾಂ ವಾಹನಗಳು ಈ ರೀತಿಯಲ್ಲಿ ನ್ಯಾಯಾಲಯದ ಆದೇಶದಂತೆ ಹರಾಜು ಮಾಡಲಾಗುವುದು ಹಾಗೂ ವಾರಸುದಾರರು ಇದ್ದರೆ ಸಂಬಂಧಪಟ್ಟ ದಾಖಲೆಗಳನ್ನು ಹಾಜರುಪಡಿಸಿ ವಾಹನಗಳನ್ನು ಪಡೆಯಬಹುದು ಎಂದು ತಿಳಿಸಿದ್ದಾರೆ. ಕೆಎ 02 ಎಚ್ ಎ 2806, ಕೆಎ06 ಇಡಬ್ಲ್ಯೂ 2517, ಕೆಎ 13 ಇಬಿ 7053, ನೊಂದಣಿಸಂಖ್ಯೆ ಇಲ್ಲದ ಟಿವಿಎಸ್ ಎಕ್ಸೆಲ್, ಸುಜುಕಿ ಸ್ಯಾಮುರಾಯ್ 100, ಯಮಹಾ ಕಂಪನಿಯ ಆರ್ ಎಕ್ಸ್ ಟಿವಿಎಸ್ ಎಕ್ಸೆಲ್, ಇಂಡಿಯಾ ಕಾರು ಕೆಎ 51 ಜಿ 8002, ಕೆಎ 04 ಎಚ್ ವೈ 9184, ಎಪಿ 02 ಎಸ್ 300 ಈ ವಾಹನಗಳ ಸೂಕ್ತ ದಾಖಲೆ ನೀಡಿ ಪಡೆದುಕೊಳ್ಳಬಹುದೆಂದು ತಿಳಿಸಿದ್ದಾರೆ.
ಎಸ್ಸೆಸ್ಸೆಲ್ಸಿಯಲ್ಲಿ : ರೈತನ ಮಗಳ ಸಾಧನೆ
ಕುಣಿಗಲ್ : ಎಸ್ಸೆಸ್ಸೆಲ್ಸಿ ಪರೀಕ್ಷೆಯಲ್ಲಿ ಚಿಕ್ಕಾ ಭಾರತಿ ಪೌಢ ಶಾಲೆಯ ಕೃಷಿಕನ ಮಗಳು ಎಂ.ಪಿ.ಧನುಷ್ಯ ಶೇ 98.40 ರಷ್ಟು ಫಲಿತಾಂಶ ಪಡೆದು ಅತ್ಯುನ್ನತ ಶ್ರೇಣಿಯಲ್ಲಿ ತೇರ್ಗಡೆ ಹೊಂದುವ ಮೂಲಕ ತಾಲ್ಲೂಕಿಗೆ ಕೀರ್ತಿ ತಂದಿದ್ದಾಳೆ 2024–25 ನೇ ಸಾಲಿನಲ್ಲಿ ನಡೆದ ಎಸ್ಸೆಸ್ಸೆಲ್ಸಿ ಪರೀಕ್ಷೆಯಲ್ಲಿ ಪಟ್ಟಣದ 2 ನೇ ವಾರ್ಡ್ ಮಲ್ಲಾಘಟ್ಟ ಗ್ರಾಮದ ಕೃಷಿಕ ಪರಮೇಶ ಬಿಡಿಯಾ ಪ್ರಕಾಶ್ ಮತ್ತು ಹೇಮಾ ಅವರ ಪುತ್ರಿ ಎಂ.ಪಿ.ಧನುಷ್ಯ 625 ಕ್ಕೆ 615 ಅಂಕ ಪಡೆದು ಉತ್ತೀರ್ಣಳಾಗಿದ್ದಾಳೆ, ವಿದ್ಯಾರ್ಥಿನಿ ಎಂ.ಪಿ.ಧನುಷ್ಯ ವಿದ್ಯಾಭ್ಯಾಸ ಕುರಿತು ಸಂತಸ ವ್ಯಕ್ತಪಡಿಸಿದರು.
